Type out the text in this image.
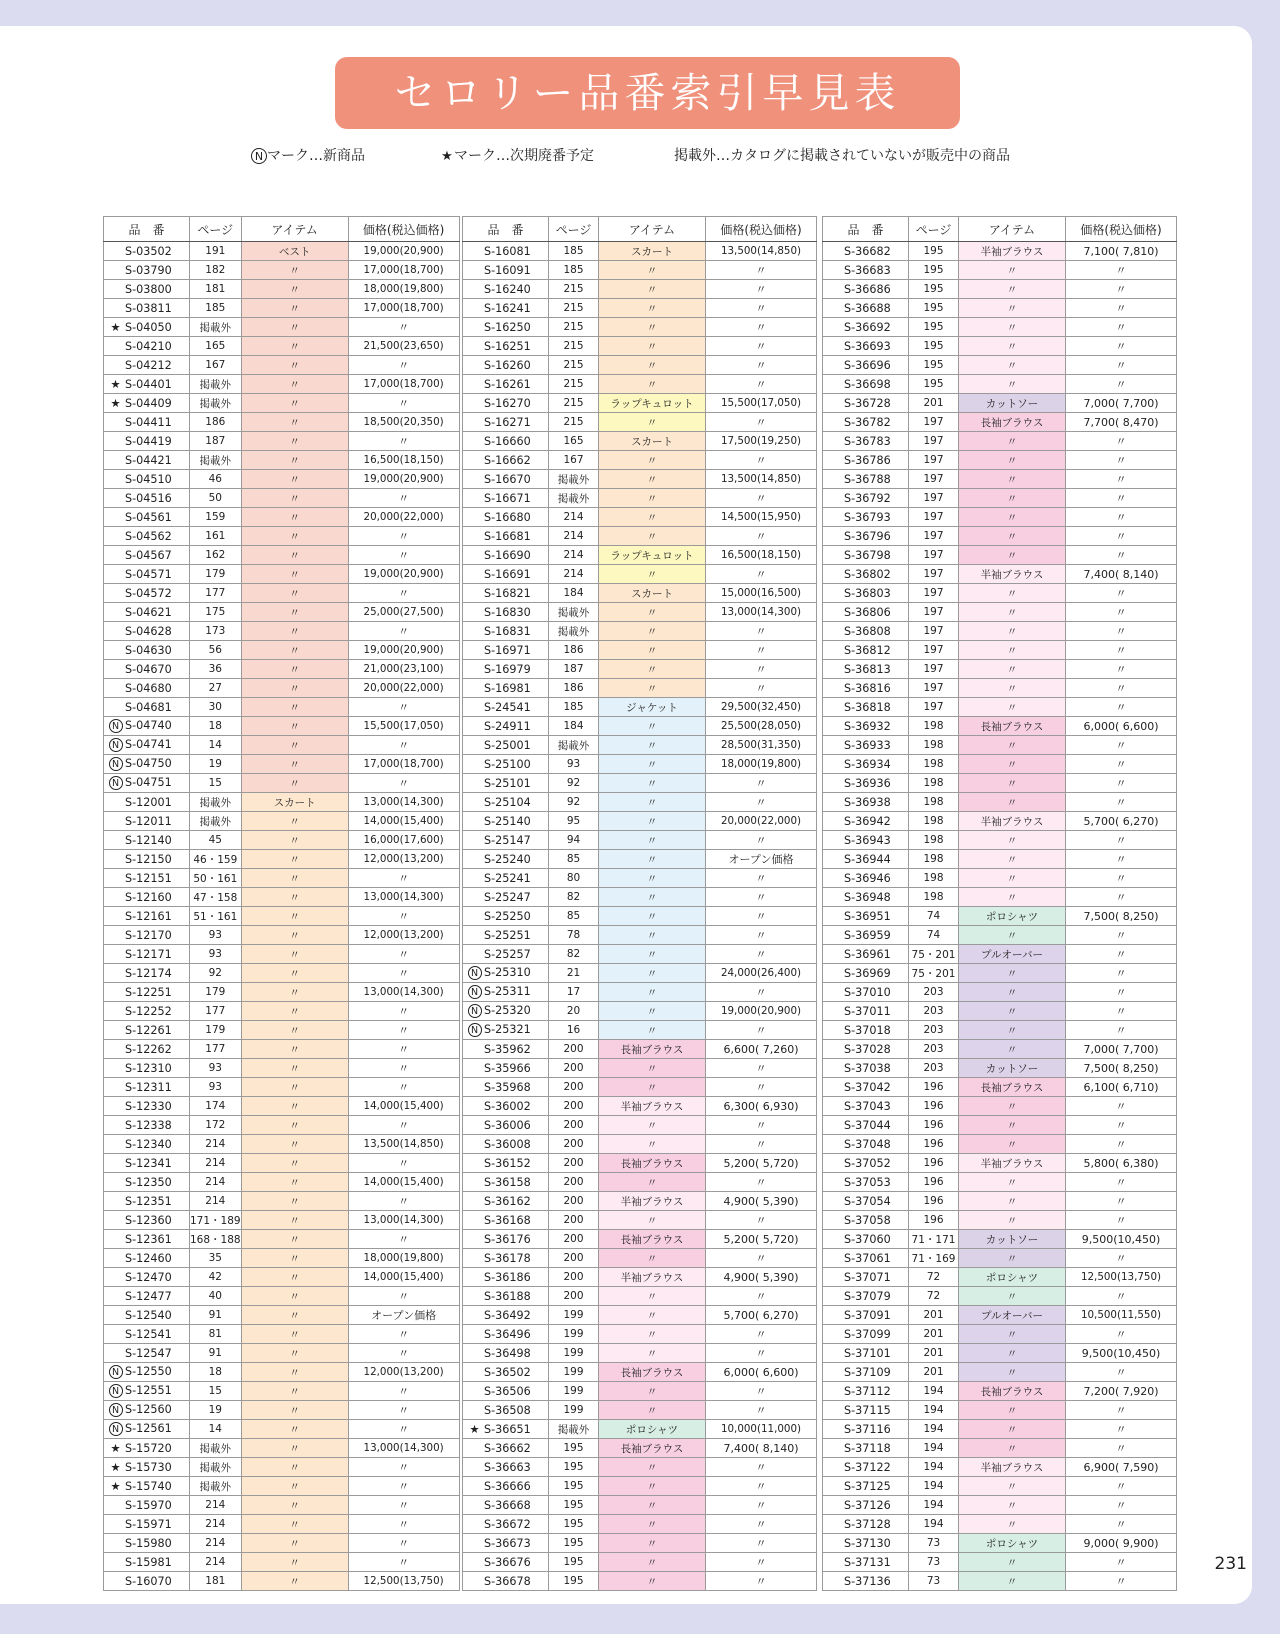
セロリー品番索引早見表
N マーク…新商品	★マーク…次期廃番予定	掲載外…カタログに掲載されていないが販売中の商品
品　番	ページ	アイテム	価格(税込価格)
S-03502	191	ベスト	19,000(20,900)
S-03790	182	〃	17,000(18,700)
S-03800	181	〃	18,000(19,800)
S-03811	185	〃	17,000(18,700)
★ S-04050	掲載外	〃	〃
S-04210	165	〃	21,500(23,650)
S-04212	167	〃	〃
★ S-04401	掲載外	〃	17,000(18,700)
★ S-04409	掲載外	〃	〃
S-04411	186	〃	18,500(20,350)
S-04419	187	〃	〃
S-04421	掲載外	〃	16,500(18,150)
S-04510	46	〃	19,000(20,900)
S-04516	50	〃	〃
S-04561	159	〃	20,000(22,000)
S-04562	161	〃	〃
S-04567	162	〃	〃
S-04571	179	〃	19,000(20,900)
S-04572	177	〃	〃
S-04621	175	〃	25,000(27,500)
S-04628	173	〃	〃
S-04630	56	〃	19,000(20,900)
S-04670	36	〃	21,000(23,100)
S-04680	27	〃	20,000(22,000)
S-04681	30	〃	〃
N S-04740	18	〃	15,500(17,050)
N S-04741	14	〃	〃
N S-04750	19	〃	17,000(18,700)
N S-04751	15	〃	〃
S-12001	掲載外	スカート	13,000(14,300)
S-12011	掲載外	〃	14,000(15,400)
S-12140	45	〃	16,000(17,600)
S-12150	46・159	〃	12,000(13,200)
S-12151	50・161	〃	〃
S-12160	47・158	〃	13,000(14,300)
S-12161	51・161	〃	〃
S-12170	93	〃	12,000(13,200)
S-12171	93	〃	〃
S-12174	92	〃	〃
S-12251	179	〃	13,000(14,300)
S-12252	177	〃	〃
S-12261	179	〃	〃
S-12262	177	〃	〃
S-12310	93	〃	〃
S-12311	93	〃	〃
S-12330	174	〃	14,000(15,400)
S-12338	172	〃	〃
S-12340	214	〃	13,500(14,850)
S-12341	214	〃	〃
S-12350	214	〃	14,000(15,400)
S-12351	214	〃	〃
S-12360	171・189	〃	13,000(14,300)
S-12361	168・188	〃	〃
S-12460	35	〃	18,000(19,800)
S-12470	42	〃	14,000(15,400)
S-12477	40	〃	〃
S-12540	91	〃	オープン価格
S-12541	81	〃	〃
S-12547	91	〃	〃
N S-12550	18	〃	12,000(13,200)
N S-12551	15	〃	〃
N S-12560	19	〃	〃
N S-12561	14	〃	〃
★ S-15720	掲載外	〃	13,000(14,300)
★ S-15730	掲載外	〃	〃
★ S-15740	掲載外	〃	〃
S-15970	214	〃	〃
S-15971	214	〃	〃
S-15980	214	〃	〃
S-15981	214	〃	〃
S-16070	181	〃	12,500(13,750)
品　番	ページ	アイテム	価格(税込価格)
S-16081	185	スカート	13,500(14,850)
S-16091	185	〃	〃
S-16240	215	〃	〃
S-16241	215	〃	〃
S-16250	215	〃	〃
S-16251	215	〃	〃
S-16260	215	〃	〃
S-16261	215	〃	〃
S-16270	215	ラップキュロット	15,500(17,050)
S-16271	215	〃	〃
S-16660	165	スカート	17,500(19,250)
S-16662	167	〃	〃
S-16670	掲載外	〃	13,500(14,850)
S-16671	掲載外	〃	〃
S-16680	214	〃	14,500(15,950)
S-16681	214	〃	〃
S-16690	214	ラップキュロット	16,500(18,150)
S-16691	214	〃	〃
S-16821	184	スカート	15,000(16,500)
S-16830	掲載外	〃	13,000(14,300)
S-16831	掲載外	〃	〃
S-16971	186	〃	〃
S-16979	187	〃	〃
S-16981	186	〃	〃
S-24541	185	ジャケット	29,500(32,450)
S-24911	184	〃	25,500(28,050)
S-25001	掲載外	〃	28,500(31,350)
S-25100	93	〃	18,000(19,800)
S-25101	92	〃	〃
S-25104	92	〃	〃
S-25140	95	〃	20,000(22,000)
S-25147	94	〃	〃
S-25240	85	〃	オープン価格
S-25241	80	〃	〃
S-25247	82	〃	〃
S-25250	85	〃	〃
S-25251	78	〃	〃
S-25257	82	〃	〃
N S-25310	21	〃	24,000(26,400)
N S-25311	17	〃	〃
N S-25320	20	〃	19,000(20,900)
N S-25321	16	〃	〃
S-35962	200	長袖ブラウス	6,600( 7,260)
S-35966	200	〃	〃
S-35968	200	〃	〃
S-36002	200	半袖ブラウス	6,300( 6,930)
S-36006	200	〃	〃
S-36008	200	〃	〃
S-36152	200	長袖ブラウス	5,200( 5,720)
S-36158	200	〃	〃
S-36162	200	半袖ブラウス	4,900( 5,390)
S-36168	200	〃	〃
S-36176	200	長袖ブラウス	5,200( 5,720)
S-36178	200	〃	〃
S-36186	200	半袖ブラウス	4,900( 5,390)
S-36188	200	〃	〃
S-36492	199	〃	5,700( 6,270)
S-36496	199	〃	〃
S-36498	199	〃	〃
S-36502	199	長袖ブラウス	6,000( 6,600)
S-36506	199	〃	〃
S-36508	199	〃	〃
★ S-36651	掲載外	ポロシャツ	10,000(11,000)
S-36662	195	長袖ブラウス	7,400( 8,140)
S-36663	195	〃	〃
S-36666	195	〃	〃
S-36668	195	〃	〃
S-36672	195	〃	〃
S-36673	195	〃	〃
S-36676	195	〃	〃
S-36678	195	〃	〃
品　番	ページ	アイテム	価格(税込価格)
S-36682	195	半袖ブラウス	7,100( 7,810)
S-36683	195	〃	〃
S-36686	195	〃	〃
S-36688	195	〃	〃
S-36692	195	〃	〃
S-36693	195	〃	〃
S-36696	195	〃	〃
S-36698	195	〃	〃
S-36728	201	カットソー	7,000( 7,700)
S-36782	197	長袖ブラウス	7,700( 8,470)
S-36783	197	〃	〃
S-36786	197	〃	〃
S-36788	197	〃	〃
S-36792	197	〃	〃
S-36793	197	〃	〃
S-36796	197	〃	〃
S-36798	197	〃	〃
S-36802	197	半袖ブラウス	7,400( 8,140)
S-36803	197	〃	〃
S-36806	197	〃	〃
S-36808	197	〃	〃
S-36812	197	〃	〃
S-36813	197	〃	〃
S-36816	197	〃	〃
S-36818	197	〃	〃
S-36932	198	長袖ブラウス	6,000( 6,600)
S-36933	198	〃	〃
S-36934	198	〃	〃
S-36936	198	〃	〃
S-36938	198	〃	〃
S-36942	198	半袖ブラウス	5,700( 6,270)
S-36943	198	〃	〃
S-36944	198	〃	〃
S-36946	198	〃	〃
S-36948	198	〃	〃
S-36951	74	ポロシャツ	7,500( 8,250)
S-36959	74	〃	〃
S-36961	75・201	プルオーバー	〃
S-36969	75・201	〃	〃
S-37010	203	〃	〃
S-37011	203	〃	〃
S-37018	203	〃	〃
S-37028	203	〃	7,000( 7,700)
S-37038	203	カットソー	7,500( 8,250)
S-37042	196	長袖ブラウス	6,100( 6,710)
S-37043	196	〃	〃
S-37044	196	〃	〃
S-37048	196	〃	〃
S-37052	196	半袖ブラウス	5,800( 6,380)
S-37053	196	〃	〃
S-37054	196	〃	〃
S-37058	196	〃	〃
S-37060	71・171	カットソー	9,500(10,450)
S-37061	71・169	〃	〃
S-37071	72	ポロシャツ	12,500(13,750)
S-37079	72	〃	〃
S-37091	201	プルオーバー	10,500(11,550)
S-37099	201	〃	〃
S-37101	201	〃	9,500(10,450)
S-37109	201	〃	〃
S-37112	194	長袖ブラウス	7,200( 7,920)
S-37115	194	〃	〃
S-37116	194	〃	〃
S-37118	194	〃	〃
S-37122	194	半袖ブラウス	6,900( 7,590)
S-37125	194	〃	〃
S-37126	194	〃	〃
S-37128	194	〃	〃
S-37130	73	ポロシャツ	9,000( 9,900)
S-37131	73	〃	〃
S-37136	73	〃	〃
231
